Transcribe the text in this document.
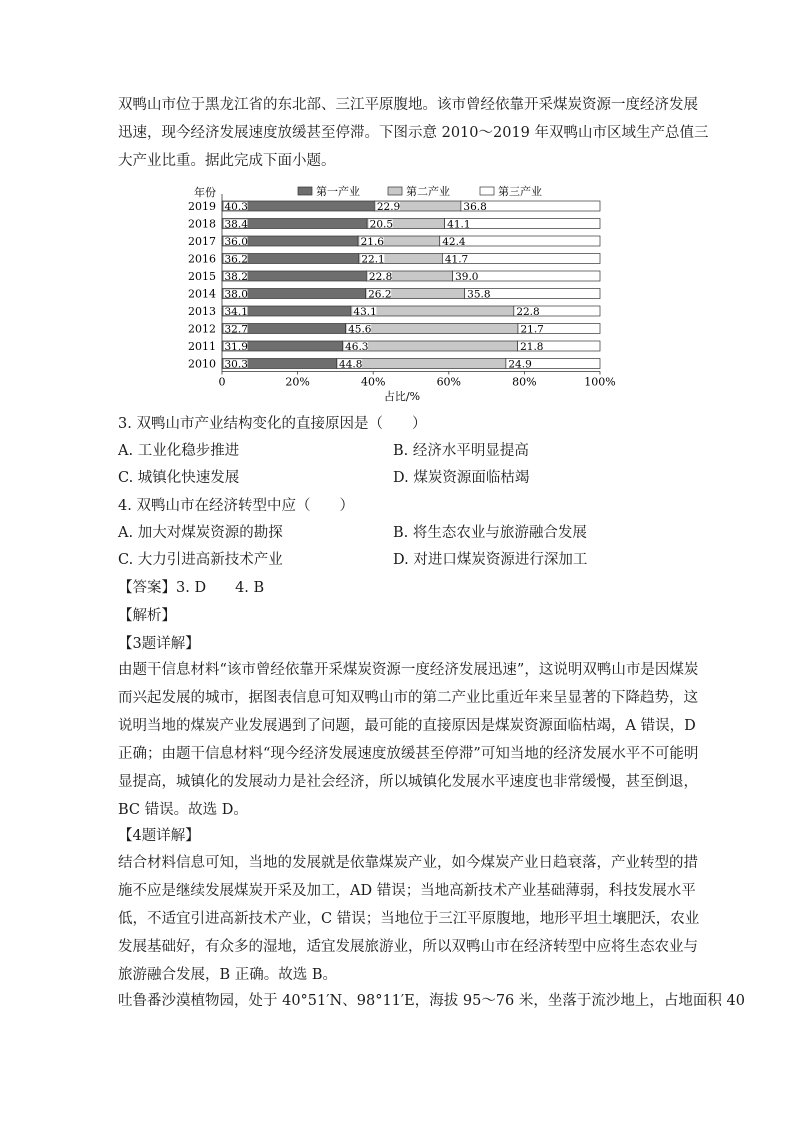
双鸭山市位于黑龙江省的东北部、三江平原腹地。该市曾经依靠开采煤炭资源一度经济发展

迅速，现今经济发展速度放缓甚至停滞。下图示意 2010～2019 年双鸭山市区域生产总值三

大产业比重。据此完成下面小题。

年份	第一产业	第二产业	第三产业
2019 40.3	22.9	36.8
2018 38.4	20.5	41.1
2017 36.0	21.6	42.4
2016 36.2	22.1	41.7
2015 38.2	22.8	39.0
2014 38.0	26.2	35.8
2013 34.1	43.1	22.8
2012 32.7	45.6	21.7
2011 31.9	46.3	21.8
2010 30.3	44.8	24.9
0	20%	40%	60%	80%	100%
占比/%

3. 双鸭山市产业结构变化的直接原因是（　　）

A. 工业化稳步推进	B. 经济水平明显提高
C. 城镇化快速发展	D. 煤炭资源面临枯竭

4. 双鸭山市在经济转型中应（　　）

A. 加大对煤炭资源的勘探	B. 将生态农业与旅游融合发展
C. 大力引进高新技术产业	D. 对进口煤炭资源进行深加工

【答案】3. D　　4. B

【解析】

【3题详解】

由题干信息材料“该市曾经依靠开采煤炭资源一度经济发展迅速”，这说明双鸭山市是因煤炭

而兴起发展的城市，据图表信息可知双鸭山市的第二产业比重近年来呈显著的下降趋势，这

说明当地的煤炭产业发展遇到了问题，最可能的直接原因是煤炭资源面临枯竭，A 错误，D

正确；由题干信息材料“现今经济发展速度放缓甚至停滞”可知当地的经济发展水平不可能明

显提高，城镇化的发展动力是社会经济，所以城镇化发展水平速度也非常缓慢，甚至倒退，

BC 错误。故选 D。

【4题详解】

结合材料信息可知，当地的发展就是依靠煤炭产业，如今煤炭产业日趋衰落，产业转型的措

施不应是继续发展煤炭开采及加工，AD 错误；当地高新技术产业基础薄弱，科技发展水平

低，不适宜引进高新技术产业，C 错误；当地位于三江平原腹地，地形平坦土壤肥沃，农业

发展基础好，有众多的湿地，适宜发展旅游业，所以双鸭山市在经济转型中应将生态农业与

旅游融合发展，B 正确。故选 B。

吐鲁番沙漠植物园，处于 40°51′N、98°11′E，海拔 95～76 米，坐落于流沙地上，占地面积 40
